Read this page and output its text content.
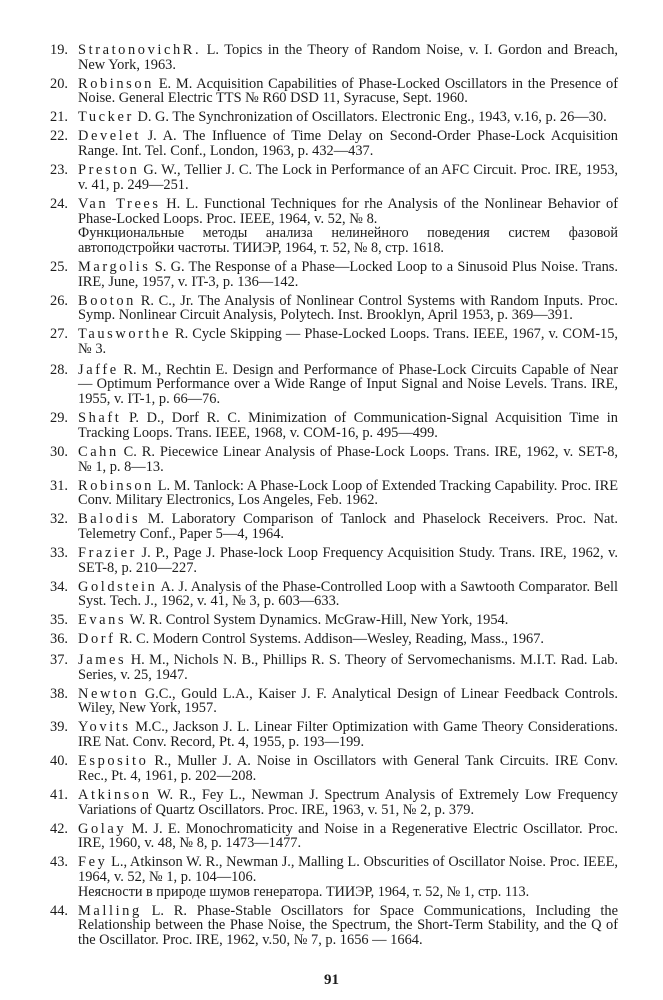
19. StratonovichR. L. Topics in the Theory of Random Noise, v. I. Gordon and Breach, New York, 1963.
20. Robinson E. M. Acquisition Capabilities of Phase-Locked Oscillators in the Presence of Noise. General Electric TTS № R60 DSD 11, Syracuse, Sept. 1960.
21. Tucker D. G. The Synchronization of Oscillators. Electronic Eng., 1943, v.16, p. 26—30.
22. Develet J. A. The Influence of Time Delay on Second-Order Phase-Lock Acquisition Range. Int. Tel. Conf., London, 1963, p. 432—437.
23. Preston G. W., Tellier J. C. The Lock in Performance of an AFC Circuit. Proc. IRE, 1953, v. 41, p. 249—251.
24. Van Trees H. L. Functional Techniques for rhe Analysis of the Nonlinear Behavior of Phase-Locked Loops. Proc. IEEE, 1964, v. 52, № 8.
Функциональные методы анализа нелинейного поведения систем фазовой автоподстройки частоты. ТИИЭР, 1964, т. 52, № 8, стр. 1618.
25. Margolis S. G. The Response of a Phase—Locked Loop to a Sinusoid Plus Noise. Trans. IRE, June, 1957, v. IT-3, p. 136—142.
26. Booton R. C., Jr. The Analysis of Nonlinear Control Systems with Random Inputs. Proc. Symp. Nonlinear Circuit Analysis, Polytech. Inst. Brooklyn, April 1953, p. 369—391.
27. Tausworthe R. Cycle Skipping — Phase-Locked Loops. Trans. IEEE, 1967, v. COM-15, № 3.
28. Jaffe R. M., Rechtin E. Design and Performance of Phase-Lock Circuits Capable of Near — Optimum Performance over a Wide Range of Input Signal and Noise Levels. Trans. IRE, 1955, v. IT-1, p. 66—76.
29. Shaft P. D., Dorf R. C. Minimization of Communication-Signal Acquisition Time in Tracking Loops. Trans. IEEE, 1968, v. COM-16, p. 495—499.
30. Cahn C. R. Piecewice Linear Analysis of Phase-Lock Loops. Trans. IRE, 1962, v. SET-8, № 1, p. 8—13.
31. Robinson L. M. Tanlock: A Phase-Lock Loop of Extended Tracking Capability. Proc. IRE Conv. Military Electronics, Los Angeles, Feb. 1962.
32. Balodis M. Laboratory Comparison of Tanlock and Phaselock Receivers. Proc. Nat. Telemetry Conf., Paper 5—4, 1964.
33. Frazier J. P., Page J. Phase-lock Loop Frequency Acquisition Study. Trans. IRE, 1962, v. SET-8, p. 210—227.
34. Goldstein A. J. Analysis of the Phase-Controlled Loop with a Sawtooth Comparator. Bell Syst. Tech. J., 1962, v. 41, № 3, p. 603—633.
35. Evans W. R. Control System Dynamics. McGraw-Hill, New York, 1954.
36. Dorf R. C. Modern Control Systems. Addison—Wesley, Reading, Mass., 1967.
37. James H. M., Nichols N. B., Phillips R. S. Theory of Servomechanisms. M.I.T. Rad. Lab. Series, v. 25, 1947.
38. Newton G.C., Gould L.A., Kaiser J. F. Analytical Design of Linear Feedback Controls. Wiley, New York, 1957.
39. Yovits M.C., Jackson J. L. Linear Filter Optimization with Game Theory Considerations. IRE Nat. Conv. Record, Pt. 4, 1955, p. 193—199.
40. Esposito R., Muller J. A. Noise in Oscillators with General Tank Circuits. IRE Conv. Rec., Pt. 4, 1961, p. 202—208.
41. Atkinson W. R., Fey L., Newman J. Spectrum Analysis of Extremely Low Frequency Variations of Quartz Oscillators. Proc. IRE, 1963, v. 51, № 2, p. 379.
42. Golay M. J. E. Monochromaticity and Noise in a Regenerative Electric Oscillator. Proc. IRE, 1960, v. 48, № 8, p. 1473—1477.
43. Fey L., Atkinson W. R., Newman J., Malling L. Obscurities of Oscillator Noise. Proc. IEEE, 1964, v. 52, № 1, p. 104—106.
Неясности в природе шумов генератора. ТИИЭР, 1964, т. 52, № 1, стр. 113.
44. Malling L. R. Phase-Stable Oscillators for Space Communications, Including the Relationship between the Phase Noise, the Spectrum, the Short-Term Stability, and the Q of the Oscillator. Proc. IRE, 1962, v.50, № 7, p. 1656 — 1664.
91
